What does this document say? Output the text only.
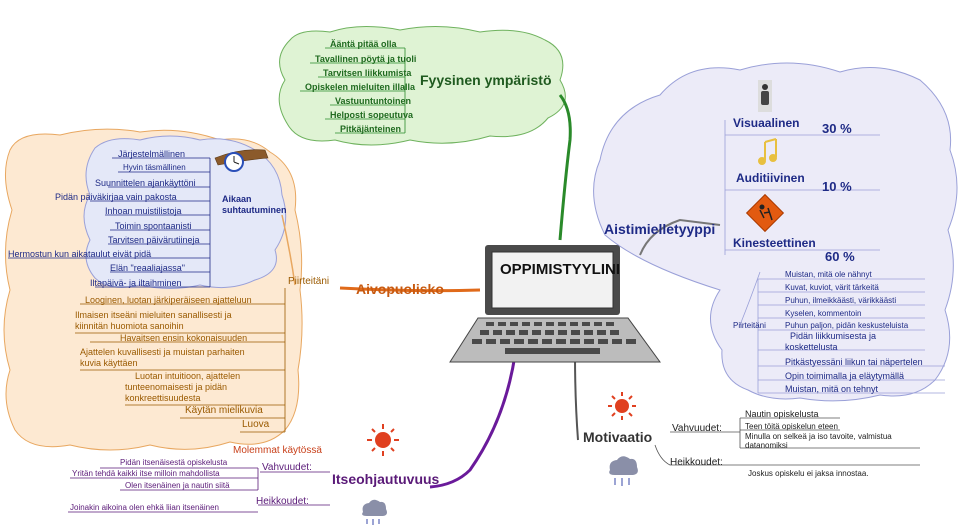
OPPIMISTYYLINI
Fyysinen ympäristö
Ääntä pitää olla
Tavallinen pöytä ja tuoli
Tarvitsen liikkumista
Opiskelen mieluiten illalla
Vastuuntuntoinen
Helposti sopeutuva
Pitkäjänteinen
Aistimielletyyppi
Visuaalinen 30 %
Auditiivinen
10 %
Kinesteettinen
60 %
Piirteitäni
Muistan, mitä ole nähnyt
Kuvat, kuviot, värit tärkeitä
Puhun, ilmeikkäästi, värikkäästi
Kyselen, kommentoin
Puhun paljon, pidän keskusteluista
Pidän liikkumisesta ja
koskettelusta
Pitkästyessäni liikun tai näpertelen
Opin toimimalla ja eläytymällä
Muistan, mitä on tehnyt
Aivopuolisko
Aikaan
suhtautuminen
Järjestelmällinen
Hyvin täsmällinen
Suunnittelen ajankäyttöni
Pidän päiväkirjaa vain pakosta
Inhoan muistilistoja
Toimin spontaanisti
Tarvitsen päivärutiineja
Hermostun kun aikataulut eivät pidä
Elän "reaaliajassa"
Iltapäivä- ja iltaihminen	Piirteitäni
Looginen, luotan järkiperäiseen ajatteluun
Ilmaisen itseäni mieluiten sanallisesti ja
kiinnitän huomiota sanoihin
Havaitsen ensin kokonaisuuden
Ajattelen kuvallisesti ja muistan parhaiten
kuvia käyttäen
Luotan intuitioon, ajattelen
tunteenomaisesti ja pidän
konkreettisuudesta
Käytän mielikuvia
Luova
Molemmat käytössä
Itseohjautuvuus
Vahvuudet:
Pidän itsenäisestä opiskelusta
Yritän tehdä kaikki itse milloin mahdollista
Olen itsenäinen ja nautin siitä
Heikkoudet:
Joinakin aikoina olen ehkä liian itsenäinen
Motivaatio
Vahvuudet:
Nautin opiskelusta
Teen töitä opiskelun eteen
Minulla on selkeä ja iso tavoite, valmistua
datanomiksi
Heikkoudet:
Joskus opiskelu ei jaksa innostaa.
